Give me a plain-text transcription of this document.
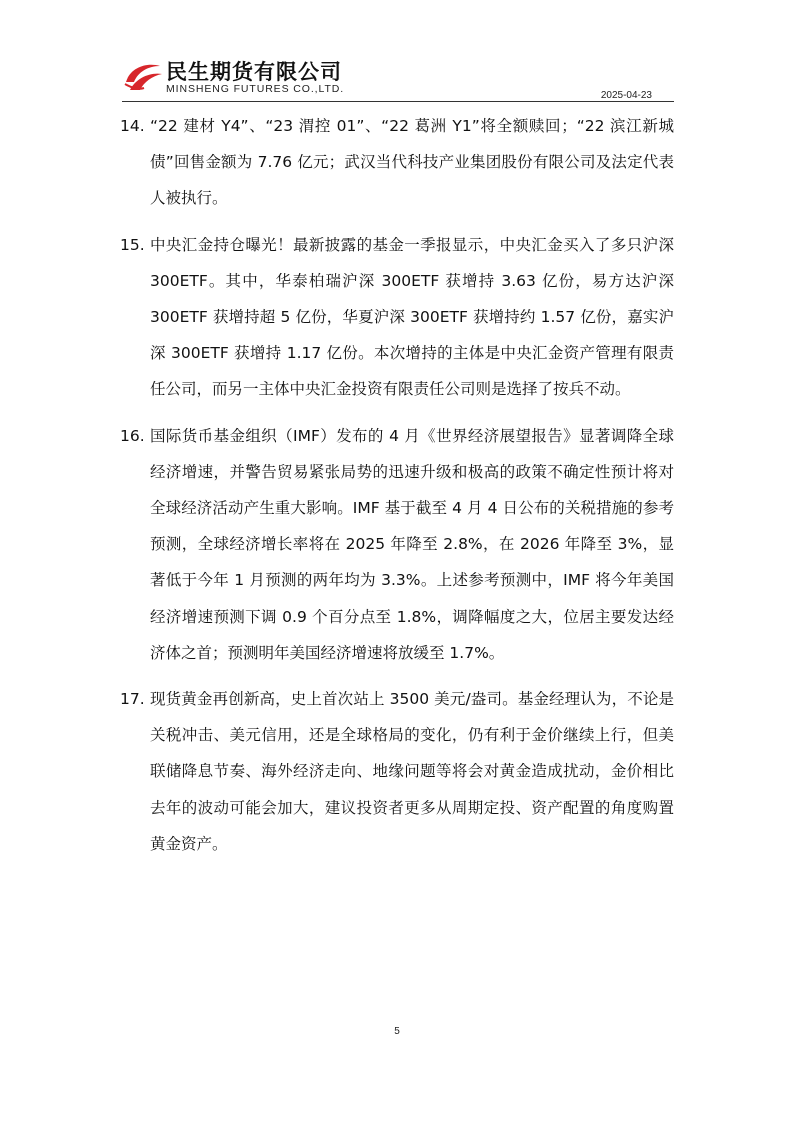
民生期货有限公司
MINSHENG FUTURES CO.,LTD.
2025-04-23
14. “22 建材 Y4”、“23 渭控 01”、“22 葛洲 Y1”将全额赎回；“22 滨江新城债”回售金额为 7.76 亿元；武汉当代科技产业集团股份有限公司及法定代表人被执行。
15. 中央汇金持仓曝光！最新披露的基金一季报显示，中央汇金买入了多只沪深 300ETF。其中，华泰柏瑞沪深 300ETF 获增持 3.63 亿份，易方达沪深 300ETF 获增持超 5 亿份，华夏沪深 300ETF 获增持约 1.57 亿份，嘉实沪深 300ETF 获增持 1.17 亿份。本次增持的主体是中央汇金资产管理有限责任公司，而另一主体中央汇金投资有限责任公司则是选择了按兵不动。
16. 国际货币基金组织（IMF）发布的 4 月《世界经济展望报告》显著调降全球经济增速，并警告贸易紧张局势的迅速升级和极高的政策不确定性预计将对全球经济活动产生重大影响。IMF 基于截至 4 月 4 日公布的关税措施的参考预测，全球经济增长率将在 2025 年降至 2.8%，在 2026 年降至 3%，显著低于今年 1 月预测的两年均为 3.3%。上述参考预测中，IMF 将今年美国经济增速预测下调 0.9 个百分点至 1.8%，调降幅度之大，位居主要发达经济体之首；预测明年美国经济增速将放缓至 1.7%。
17. 现货黄金再创新高，史上首次站上 3500 美元/盎司。基金经理认为，不论是关税冲击、美元信用，还是全球格局的变化，仍有利于金价继续上行，但美联储降息节奏、海外经济走向、地缘问题等将会对黄金造成扰动，金价相比去年的波动可能会加大，建议投资者更多从周期定投、资产配置的角度购置黄金资产。
5
